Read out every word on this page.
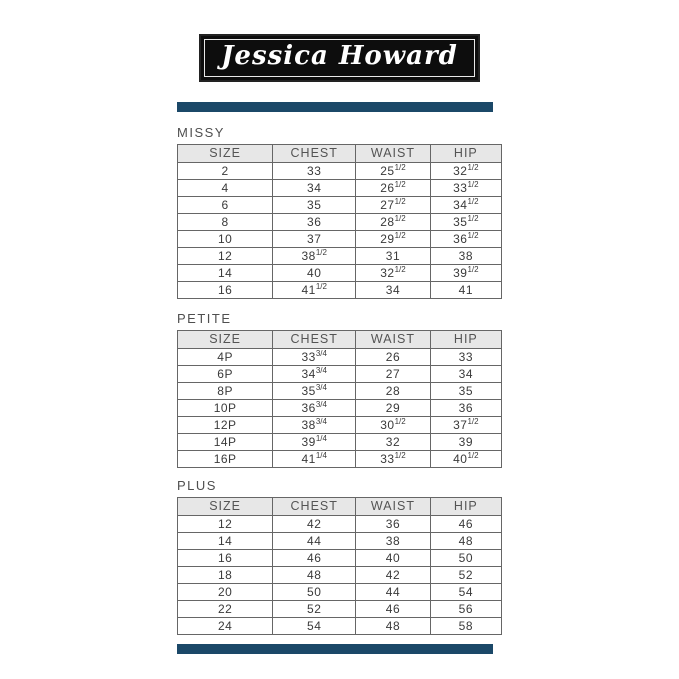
Jessica Howard
MISSY
SIZE	CHEST	WAIST	HIP
2	33	$25^{1/2}$	$32^{1/2}$
4	34	$26^{1/2}$	$33^{1/2}$
6	35	$27^{1/2}$	$34^{1/2}$
8	36	$28^{1/2}$	$35^{1/2}$
10	37	$29^{1/2}$	$36^{1/2}$
12	$38^{1/2}$	31	38
14	40	$32^{1/2}$	$39^{1/2}$
16	$41^{1/2}$	34	41
PETITE
SIZE	CHEST	WAIST	HIP
4P	$33^{3/4}$	26	33
6P	$34^{3/4}$	27	34
8P	$35^{3/4}$	28	35
10P	$36^{3/4}$	29	36
12P	$38^{3/4}$	$30^{1/2}$	$37^{1/2}$
14P	$39^{1/4}$	32	39
16P	$41^{1/4}$	$33^{1/2}$	$40^{1/2}$
PLUS
SIZE	CHEST	WAIST	HIP
12	42	36	46
14	44	38	48
16	46	40	50
18	48	42	52
20	50	44	54
22	52	46	56
24	54	48	58
